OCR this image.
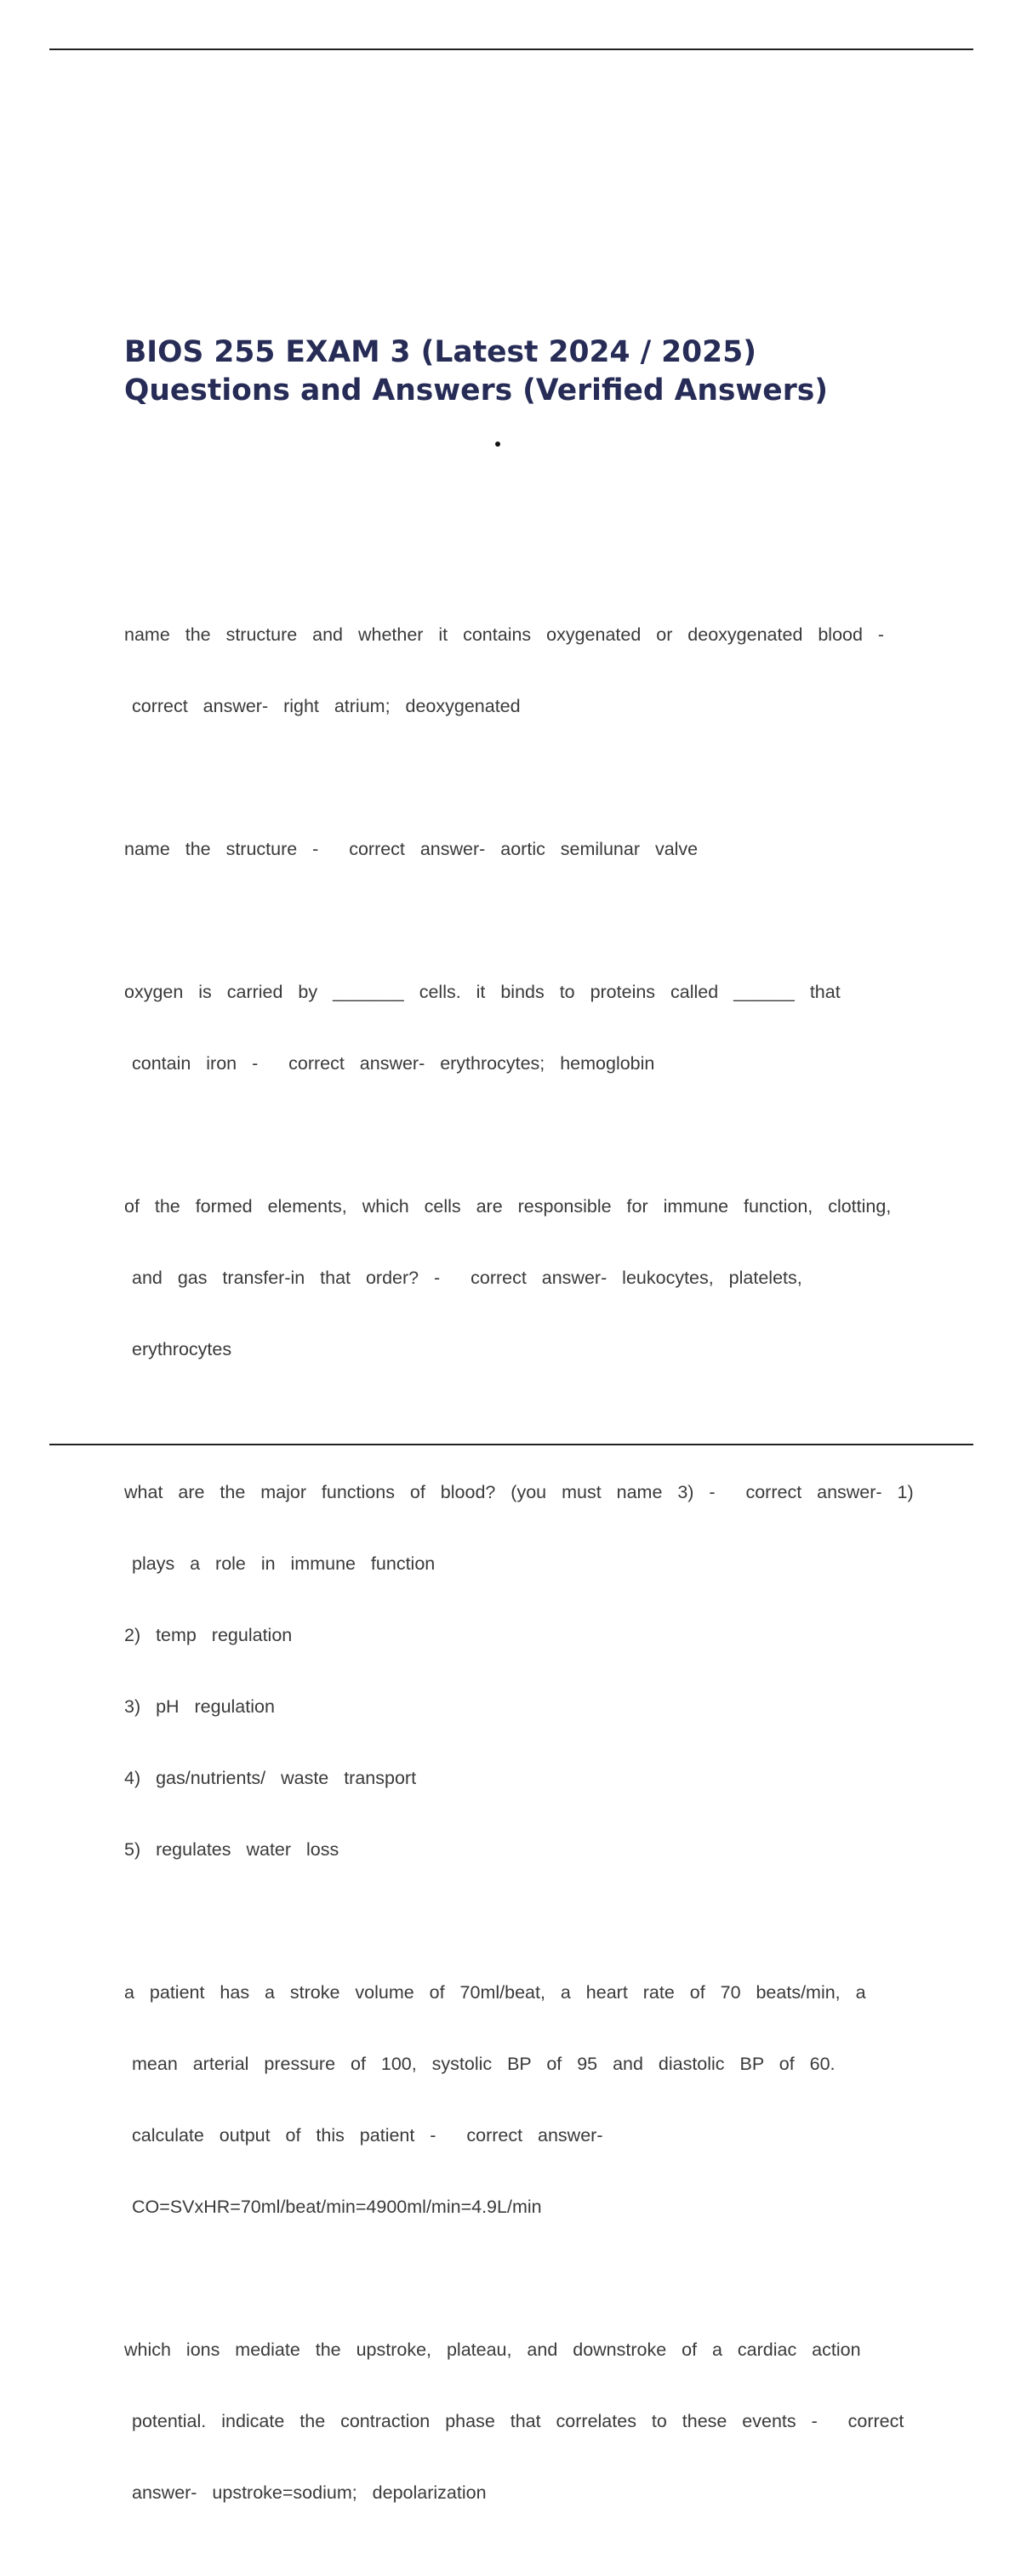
BIOS 255 EXAM 3 (Latest 2024 / 2025)
Questions and Answers (Verified Answers)

name  the  structure  and  whether  it  contains  oxygenated  or  deoxygenated  blood  -

correct  answer-  right  atrium;  deoxygenated

name  the  structure  -    correct  answer-  aortic  semilunar  valve

oxygen  is  carried  by  _______  cells.  it  binds  to  proteins  called  ______  that

contain  iron  -    correct  answer-  erythrocytes;  hemoglobin

of  the  formed  elements,  which  cells  are  responsible  for  immune  function,  clotting,

and  gas  transfer-in  that  order?  -    correct  answer-  leukocytes,  platelets,

erythrocytes

what  are  the  major  functions  of  blood?  (you  must  name  3)  -    correct  answer-  1)

plays  a  role  in  immune  function

2)  temp  regulation

3)  pH  regulation

4)  gas/nutrients/  waste  transport

5)  regulates  water  loss

a  patient  has  a  stroke  volume  of  70ml/beat,  a  heart  rate  of  70  beats/min,  a

mean  arterial  pressure  of  100,  systolic  BP  of  95  and  diastolic  BP  of  60.

calculate  output  of  this  patient  -    correct  answer-

CO=SVxHR=70ml/beat/min=4900ml/min=4.9L/min

which  ions  mediate  the  upstroke,  plateau,  and  downstroke  of  a  cardiac  action

potential.  indicate  the  contraction  phase  that  correlates  to  these  events  -    correct

answer-  upstroke=sodium;  depolarization
